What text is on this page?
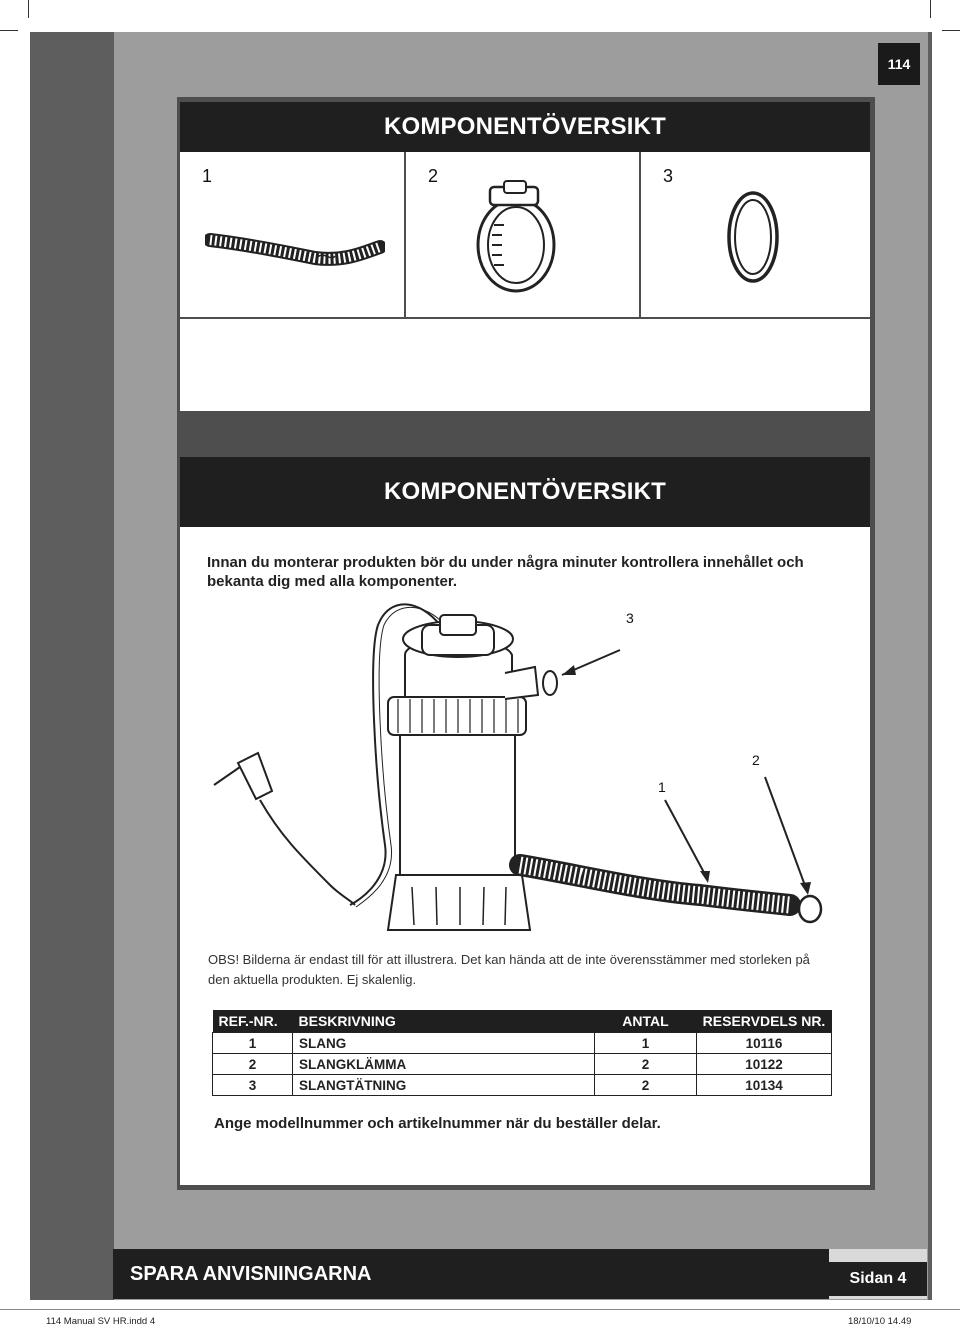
114
KOMPONENTÖVERSIKT
1	2	3
KOMPONENTÖVERSIKT
Innan du monterar produkten bör du under några minuter kontrollera innehållet och bekanta dig med alla komponenter.
3
1
2
OBS! Bilderna är endast till för att illustrera. Det kan hända att de inte överensstämmer med storleken på den aktuella produkten. Ej skalenlig.
REF.-NR.	BESKRIVNING	ANTAL	RESERVDELS NR.
1	SLANG	1	10116
2	SLANGKLÄMMA	2	10122
3	SLANGTÄTNING	2	10134
Ange modellnummer och artikelnummer när du beställer delar.
SPARA ANVISNINGARNA	Sidan 4
114 Manual SV HR.indd 4	18/10/10 14.49
